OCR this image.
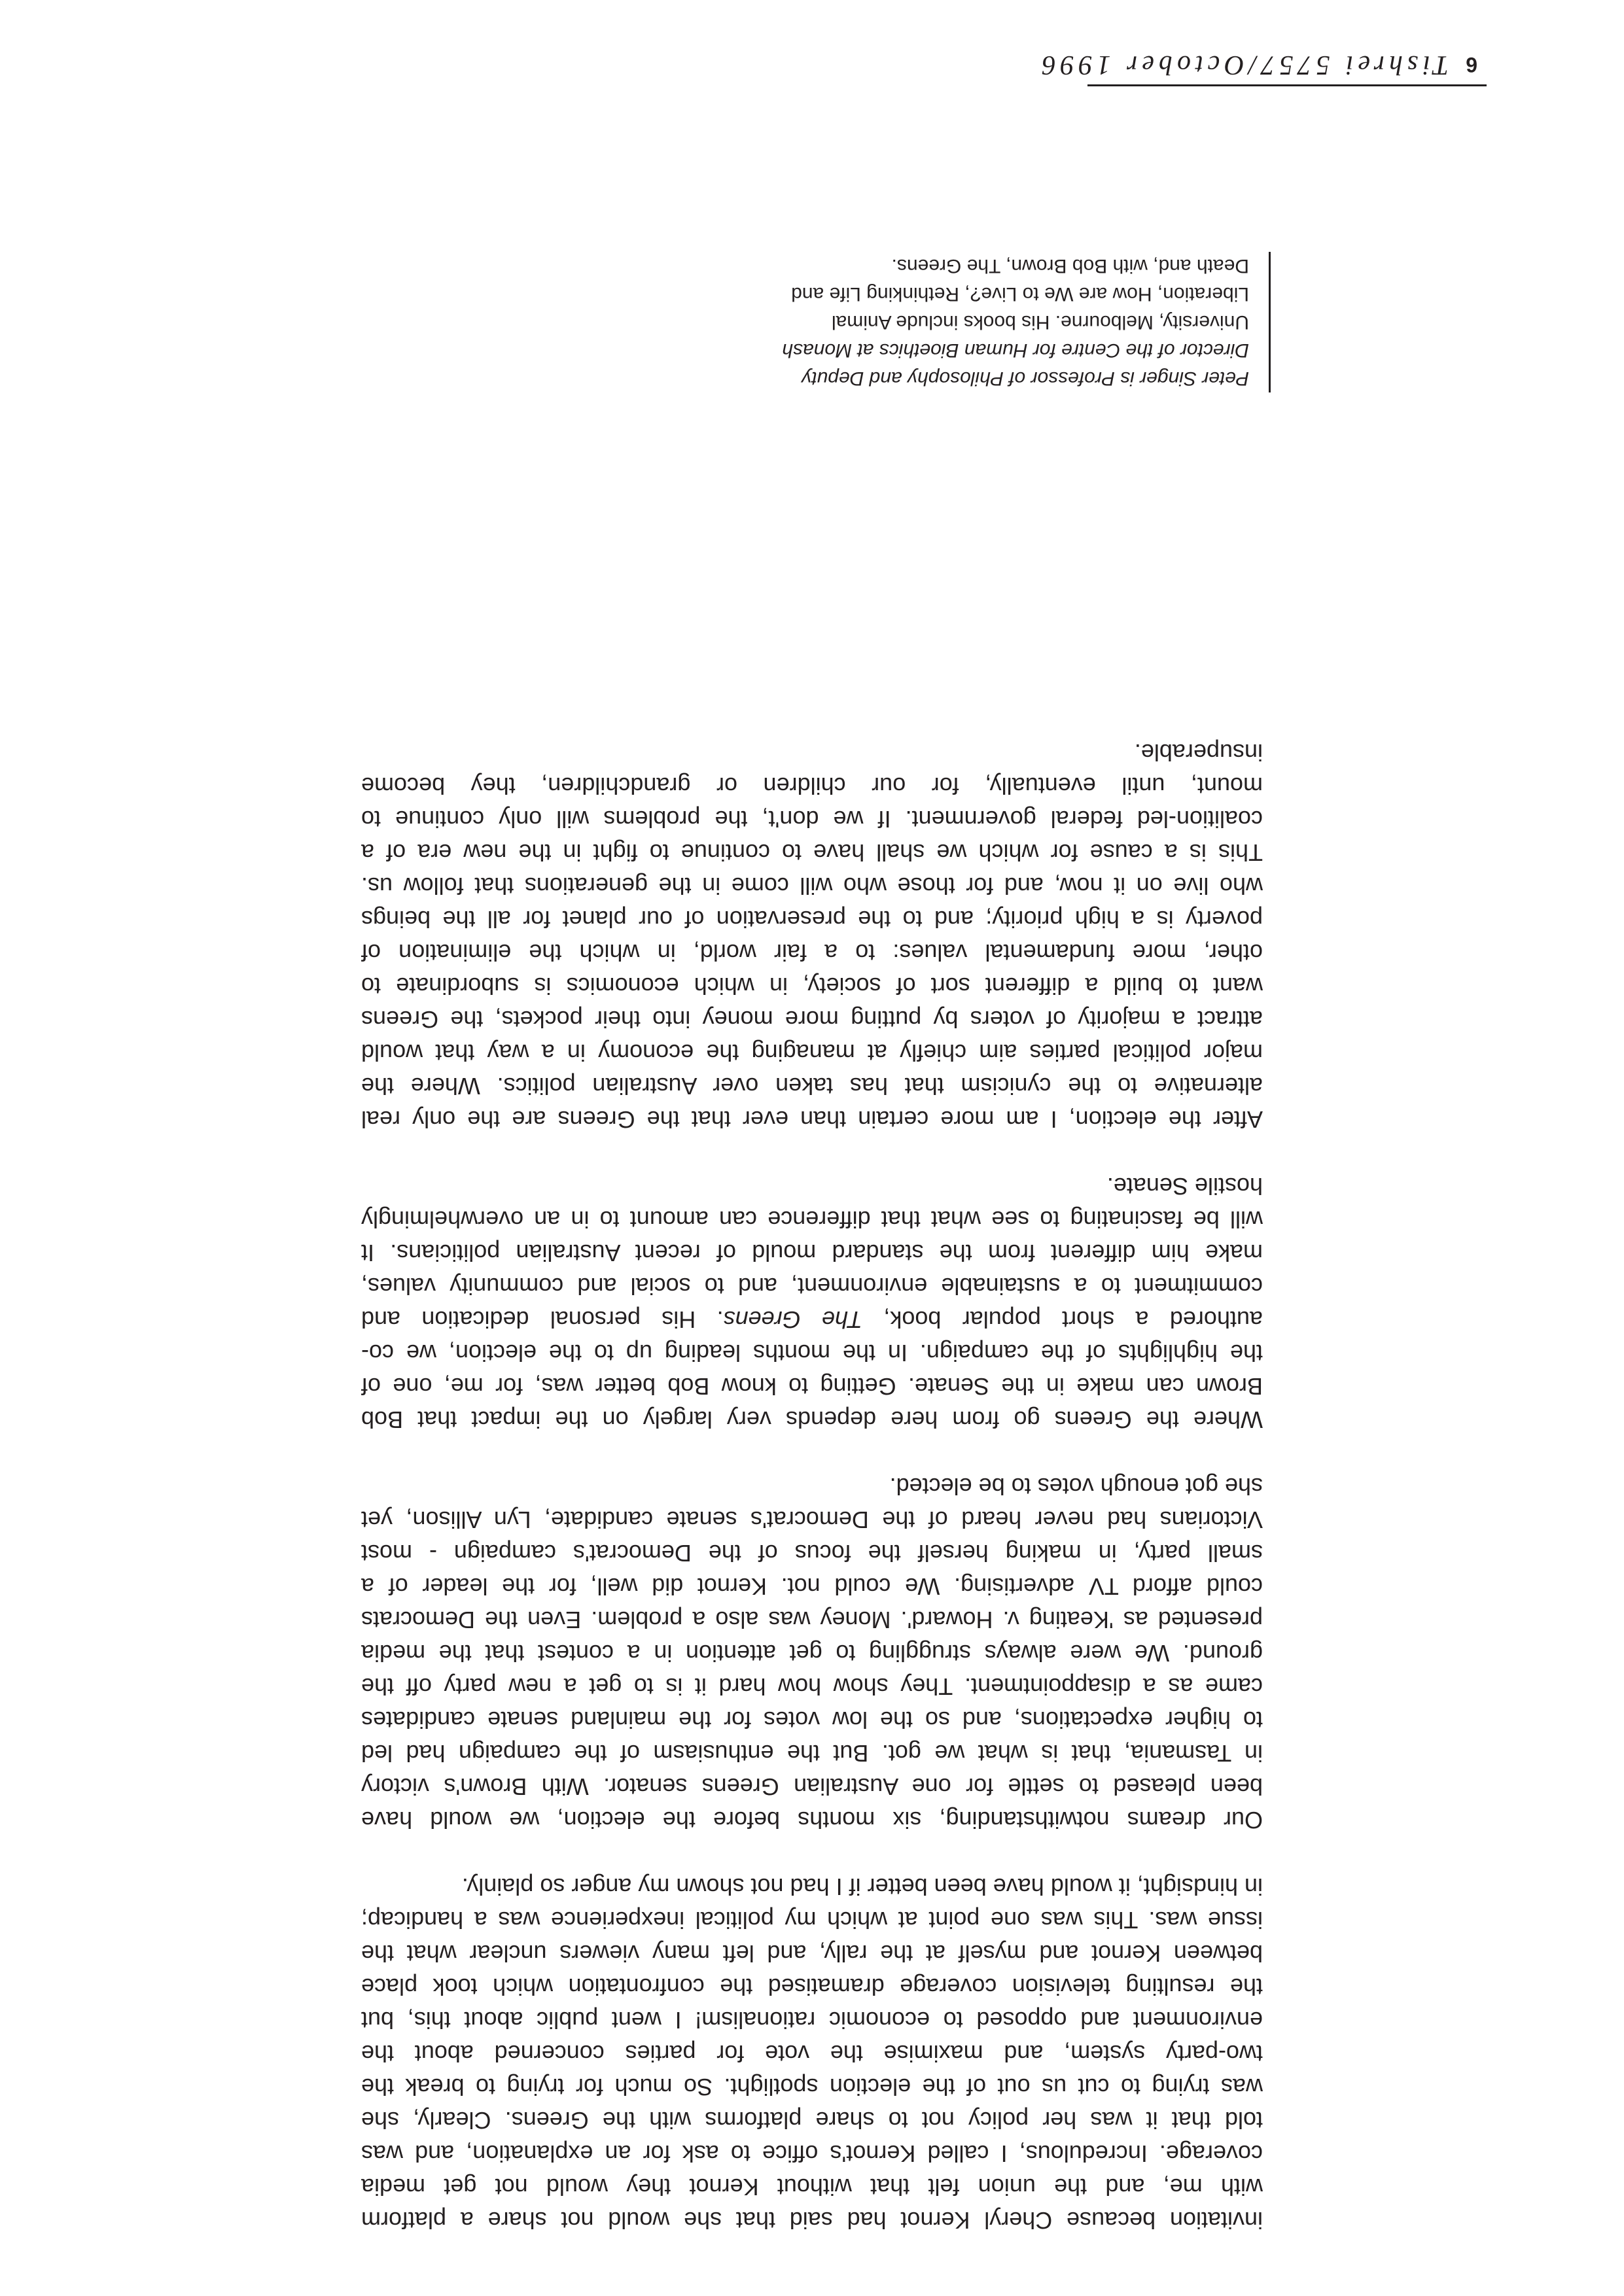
6
Tishrei 5757/October 1996

invitation because Cheryl Kernot had said that she would not share a platform
with me, and the union felt that without Kernot they would not get media
coverage. Incredulous, I called Kernot's office to ask for an explanation, and was
told that it was her policy not to share platforms with the Greens. Clearly, she
was trying to cut us out of the election spotlight. So much for trying to break the
two-party system, and maximise the vote for parties concerned about the
environment and opposed to economic rationalism! I went public about this, but
the resulting television coverage dramatised the confrontation which took place
between Kernot and myself at the rally, and left many viewers unclear what the
issue was. This was one point at which my political inexperience was a handicap;
in hindsight, it would have been better if I had not shown my anger so plainly.

Our dreams notwithstanding, six months before the election, we would have
been pleased to settle for one Australian Greens senator. With Brown's victory
in Tasmania, that is what we got. But the enthusiasm of the campaign had led
to higher expectations, and so the low votes for the mainland senate candidates
came as a disappointment. They show how hard it is to get a new party off the
ground. We were always struggling to get attention in a contest that the media
presented as 'Keating v. Howard'. Money was also a problem. Even the Democrats
could afford TV advertising. We could not. Kernot did well, for the leader of a
small party, in making herself the focus of the Democrat's campaign - most
Victorians had never heard of the Democrat's senate candidate, Lyn Allison, yet
she got enough votes to be elected.

Where the Greens go from here depends very largely on the impact that Bob
Brown can make in the Senate. Getting to know Bob better was, for me, one of
the highlights of the campaign. In the months leading up to the election, we co-
authored a short popular book, The Greens. His personal dedication and
commitment to a sustainable environment, and to social and community values,
make him different from the standard mould of recent Australian politicians. It
will be fascinating to see what that difference can amount to in an overwhelmingly
hostile Senate.

After the election, I am more certain than ever that the Greens are the only real
alternative to the cynicism that has taken over Australian politics. Where the
major political parties aim chiefly at managing the economy in a way that would
attract a majority of voters by putting more money into their pockets, the Greens
want to build a different sort of society, in which economics is subordinate to
other, more fundamental values: to a fair world, in which the elimination of
poverty is a high priority; and to the preservation of our planet for all the beings
who live on it now, and for those who will come in the generations that follow us.
This is a cause for which we shall have to continue to fight in the new era of a
coalition-led federal government. If we don't, the problems will only continue to
mount, until eventually, for our children or grandchildren, they become
insuperable.

Peter Singer is Professor of Philosophy and Deputy

Director of the Centre for Human Bioethics at Monash

University, Melbourne. His books include Animal

Liberation, How are We to Live?, Rethinking Life and

Death and, with Bob Brown, The Greens.
